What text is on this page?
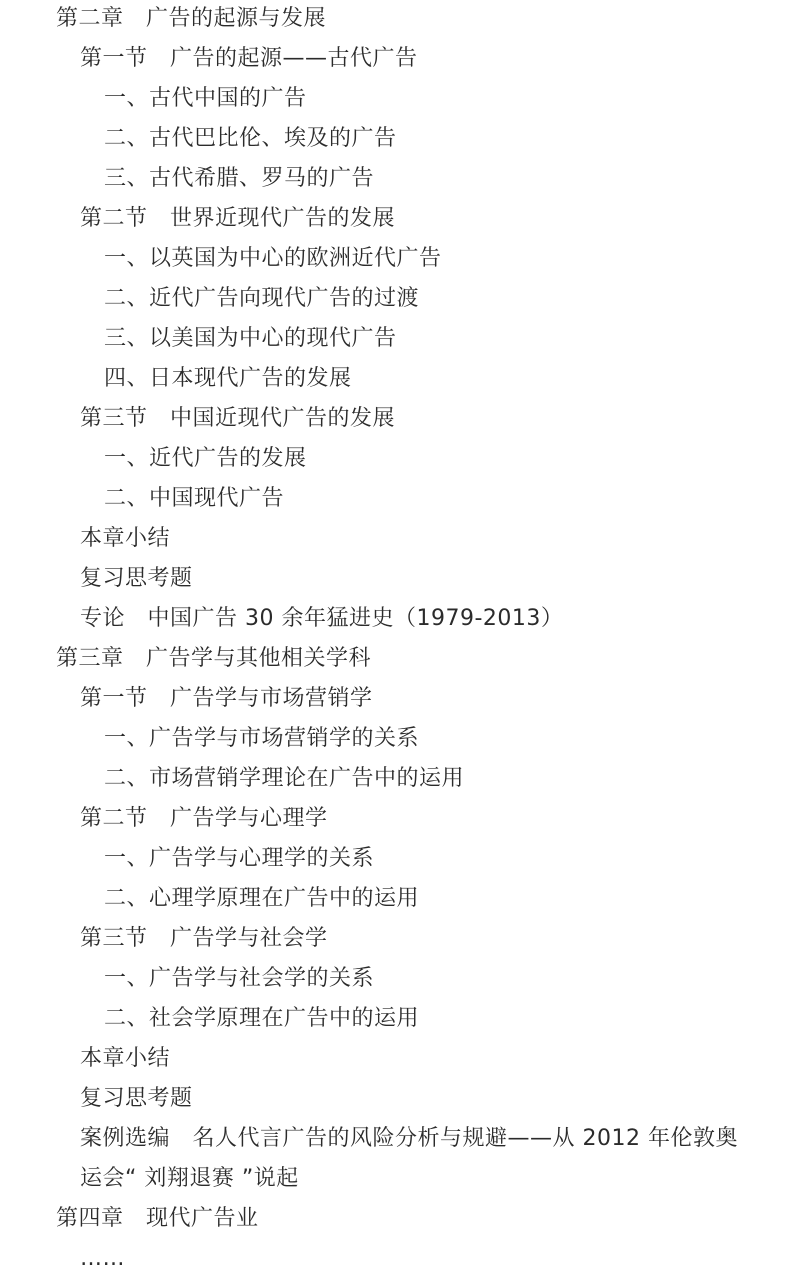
第二章　广告的起源与发展
第一节　广告的起源——古代广告
一、古代中国的广告
二、古代巴比伦、埃及的广告
三、古代希腊、罗马的广告
第二节　世界近现代广告的发展
一、以英国为中心的欧洲近代广告
二、近代广告向现代广告的过渡
三、以美国为中心的现代广告
四、日本现代广告的发展
第三节　中国近现代广告的发展
一、近代广告的发展
二、中国现代广告
本章小结
复习思考题
专论　中国广告 30 余年猛进史（1979-2013）
第三章　广告学与其他相关学科
第一节　广告学与市场营销学
一、广告学与市场营销学的关系
二、市场营销学理论在广告中的运用
第二节　广告学与心理学
一、广告学与心理学的关系
二、心理学原理在广告中的运用
第三节　广告学与社会学
一、广告学与社会学的关系
二、社会学原理在广告中的运用
本章小结
复习思考题
案例选编　名人代言广告的风险分析与规避——从 2012 年伦敦奥
运会“ 刘翔退赛 ”说起
第四章　现代广告业
……
